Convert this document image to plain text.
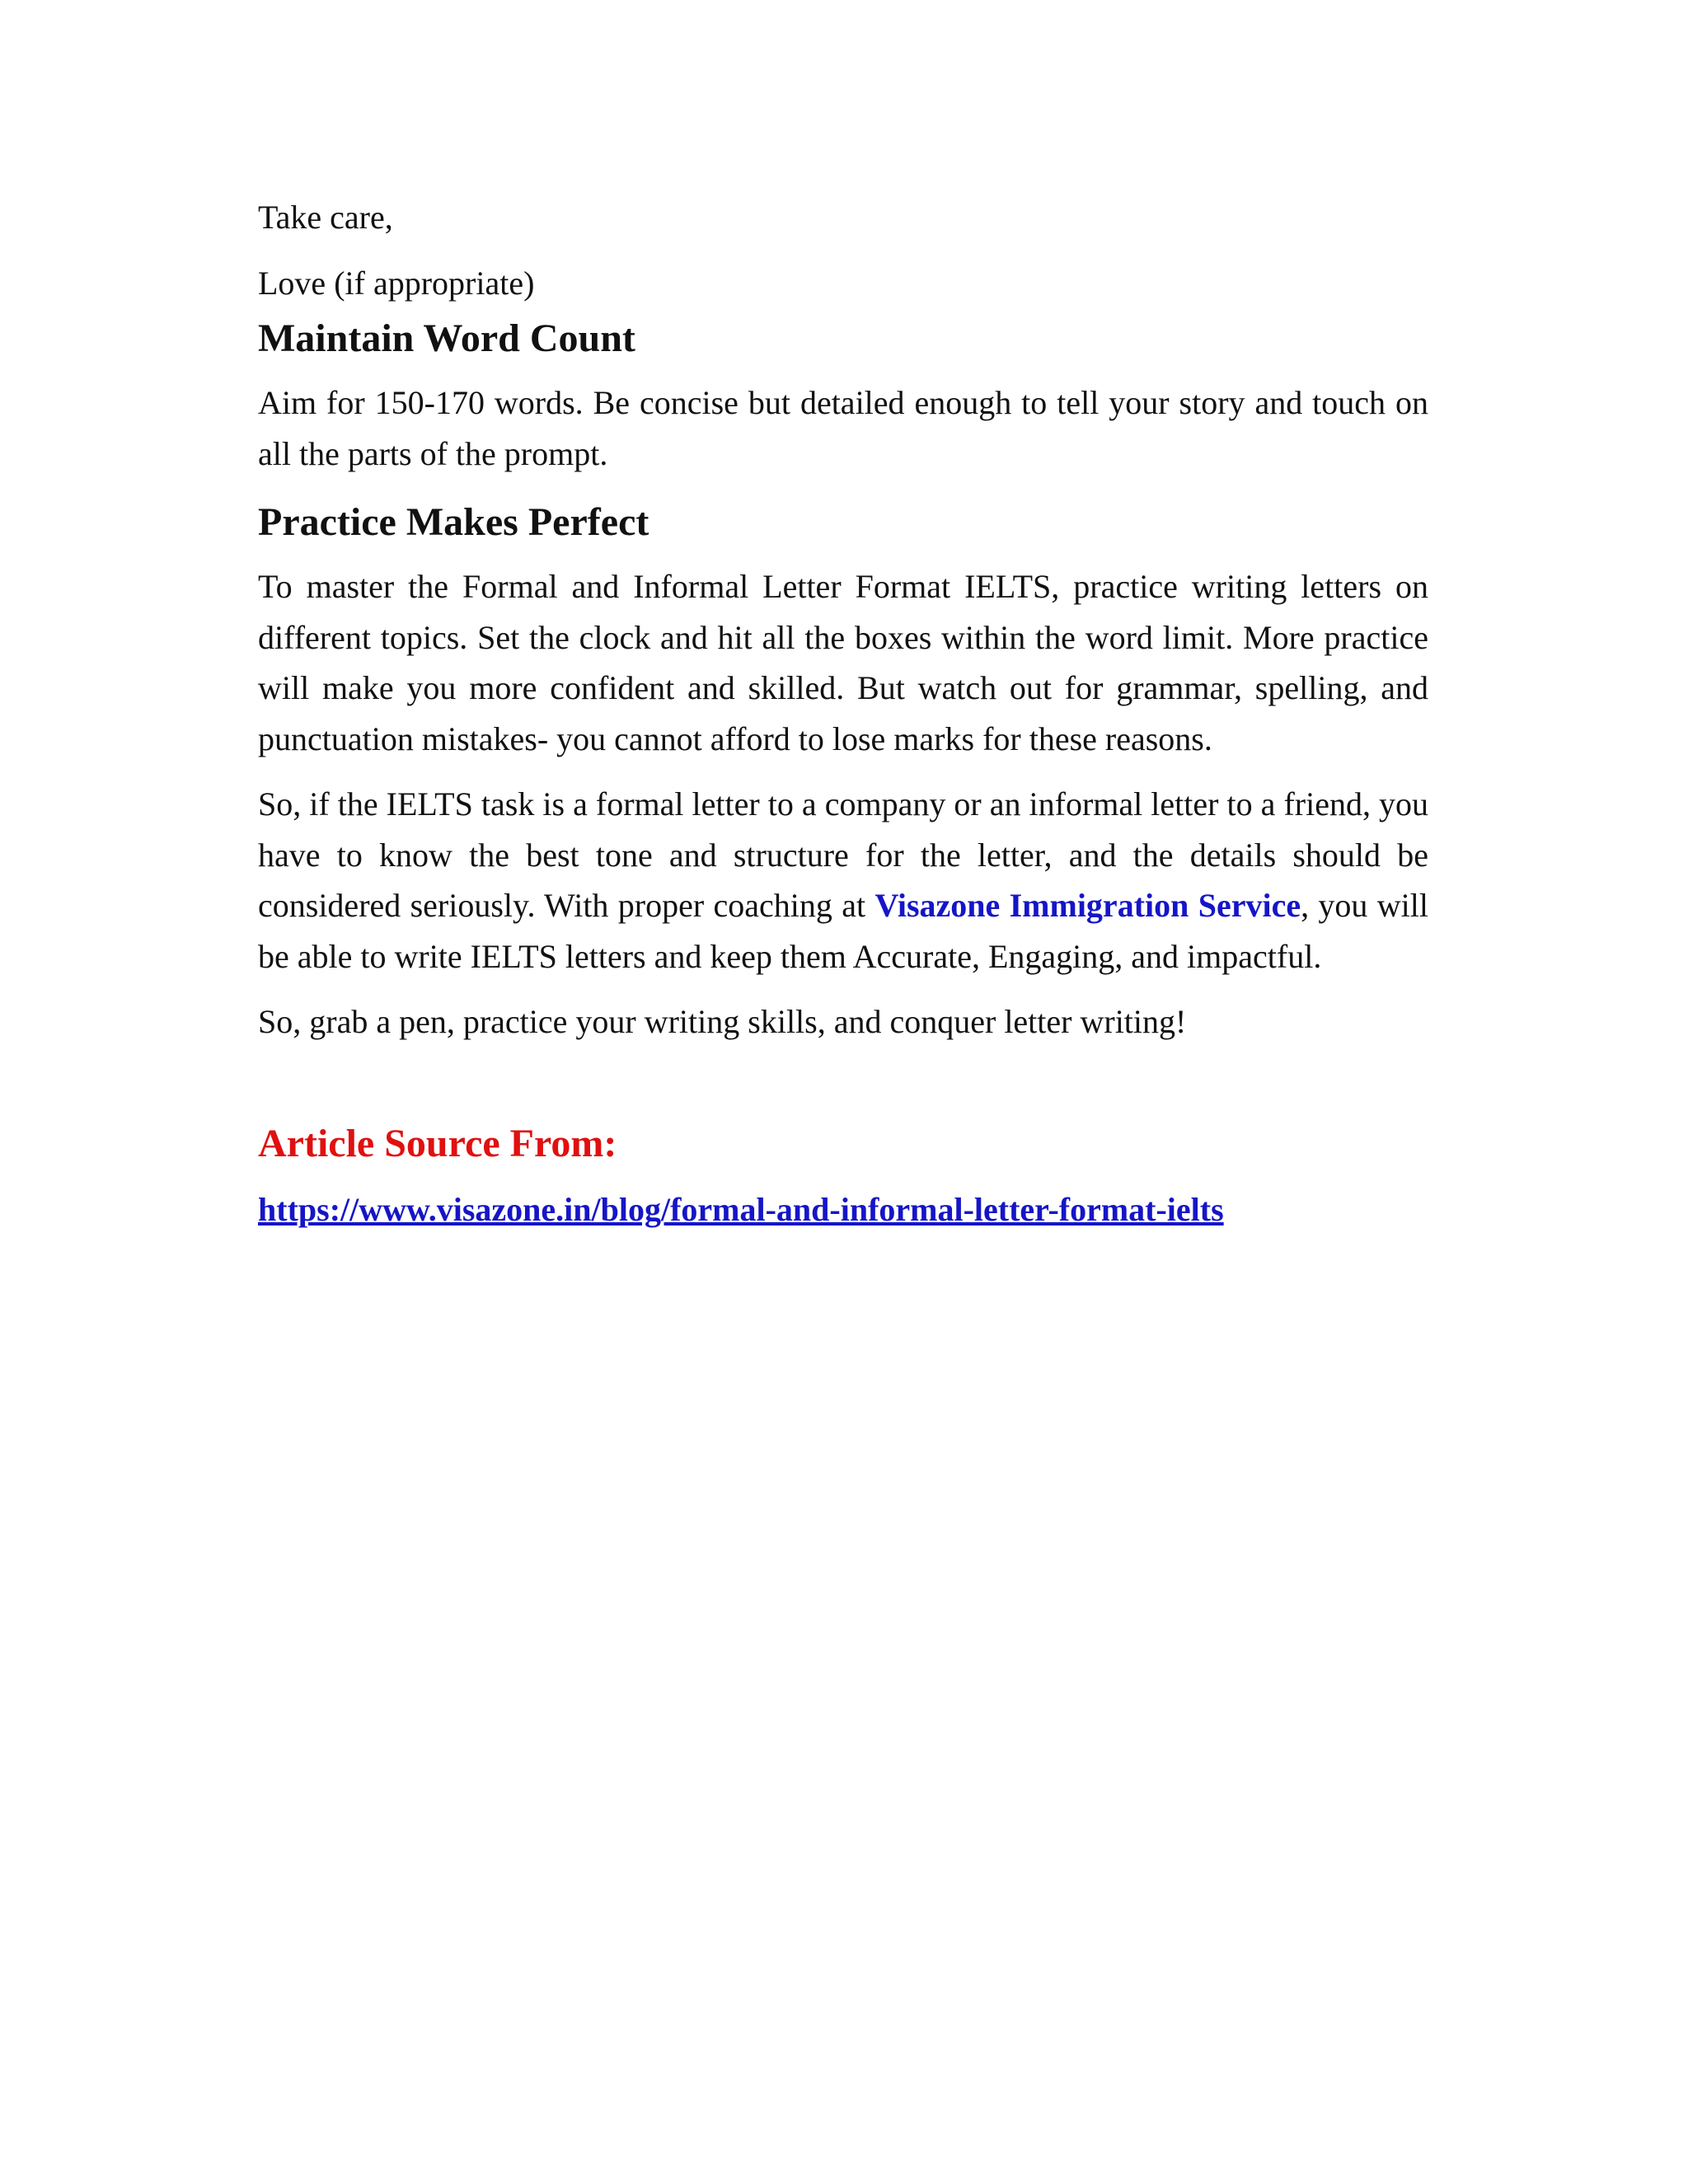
Take care,

Love (if appropriate)

Maintain Word Count

Aim for 150-170 words. Be concise but detailed enough to tell your story and touch on all the parts of the prompt.

Practice Makes Perfect

To master the Formal and Informal Letter Format IELTS, practice writing letters on different topics. Set the clock and hit all the boxes within the word limit. More practice will make you more confident and skilled. But watch out for grammar, spelling, and punctuation mistakes- you cannot afford to lose marks for these reasons.

So, if the IELTS task is a formal letter to a company or an informal letter to a friend, you have to know the best tone and structure for the letter, and the details should be considered seriously. With proper coaching at Visazone Immigration Service, you will be able to write IELTS letters and keep them Accurate, Engaging, and impactful.

So, grab a pen, practice your writing skills, and conquer letter writing!

Article Source From:
https://www.visazone.in/blog/formal-and-informal-letter-format-ielts
